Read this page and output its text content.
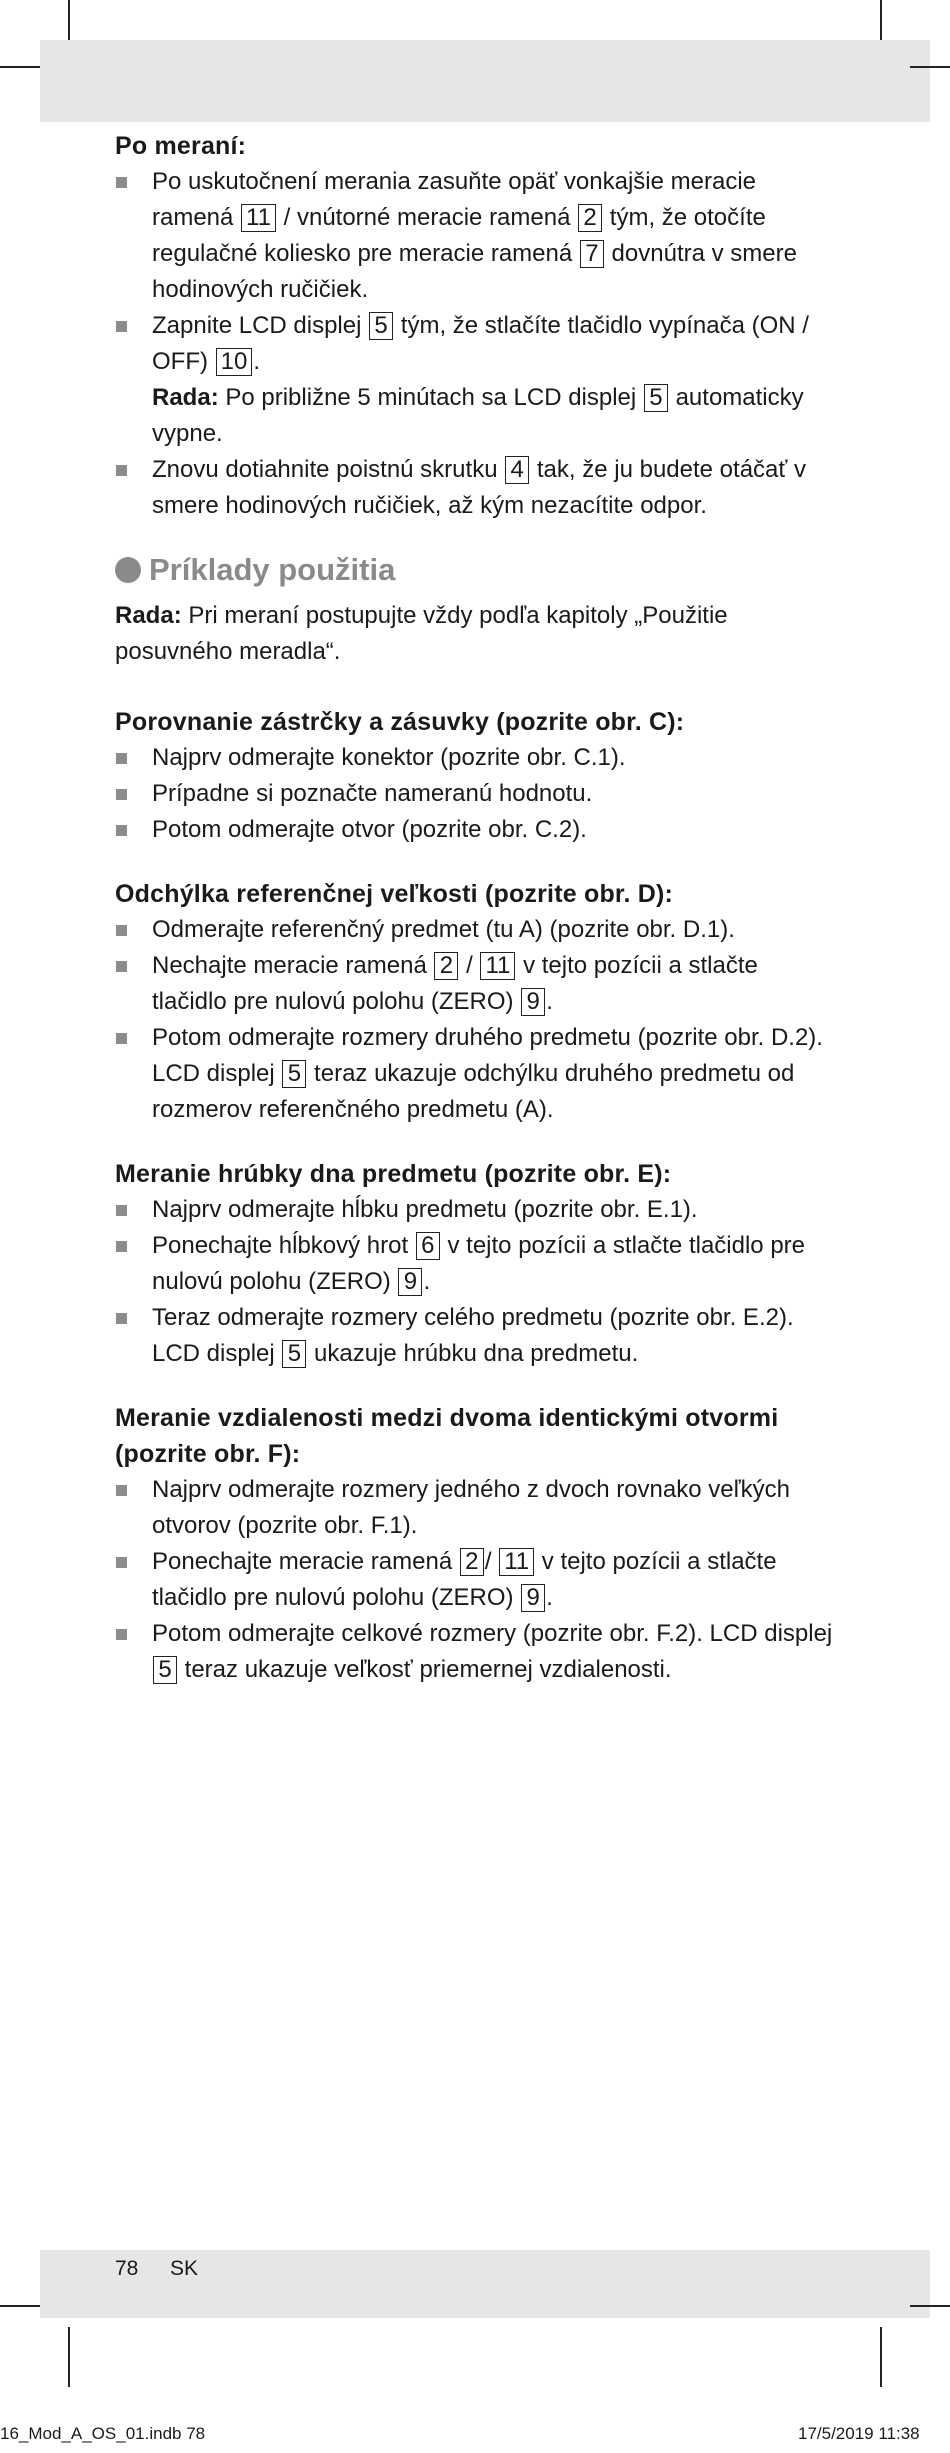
Po meraní:

Po uskutočnení merania zasuňte opäť vonkajšie meracie ramená 11 / vnútorné meracie ramená 2 tým, že otočíte regulačné koliesko pre meracie ramená 7 dovnútra v smere hodinových ručičiek.
Zapnite LCD displej 5 tým, že stlačíte tlačidlo vypínača (ON / OFF) 10 .
Rada: Po približne 5 minútach sa LCD displej 5 automaticky vypne.
Znovu dotiahnite poistnú skrutku 4 tak, že ju budete otáčať v smere hodinových ručičiek, až kým nezacítite odpor.
Príklady použitia
Rada: Pri meraní postupujte vždy podľa kapitoly „Použitie posuvného meradla“.

Porovnanie zástrčky a zásuvky (pozrite obr. C):

Najprv odmerajte konektor (pozrite obr. C.1).
Prípadne si poznačte nameranú hodnotu.
Potom odmerajte otvor (pozrite obr. C.2).

Odchýlka referenčnej veľkosti (pozrite obr. D):

Odmerajte referenčný predmet (tu A) (pozrite obr. D.1).
Nechajte meracie ramená 2 / 11 v tejto pozícii a stlačte tlačidlo pre nulovú polohu (ZERO) 9 .
Potom odmerajte rozmery druhého predmetu (pozrite obr. D.2). LCD displej 5 teraz ukazuje odchýlku druhého predmetu od rozmerov referenčného predmetu (A).

Meranie hrúbky dna predmetu (pozrite obr. E):

Najprv odmerajte hĺbku predmetu (pozrite obr. E.1).
Ponechajte hĺbkový hrot 6 v tejto pozícii a stlačte tlačidlo pre nulovú polohu (ZERO) 9 .
Teraz odmerajte rozmery celého predmetu (pozrite obr. E.2). LCD displej 5 ukazuje hrúbku dna predmetu.

Meranie vzdialenosti medzi dvoma identickými otvormi (pozrite obr. F):

Najprv odmerajte rozmery jedného z dvoch rovnako veľkých otvorov (pozrite obr. F.1).
Ponechajte meracie ramená 2 / 11 v tejto pozícii a stlačte tlačidlo pre nulovú polohu (ZERO) 9 .
Potom odmerajte celkové rozmery (pozrite obr. F.2). LCD displej 5 teraz ukazuje veľkosť priemernej vzdialenosti.
78 SK
16_Mod_A_OS_01.indb 78	17/5/2019 11:38
